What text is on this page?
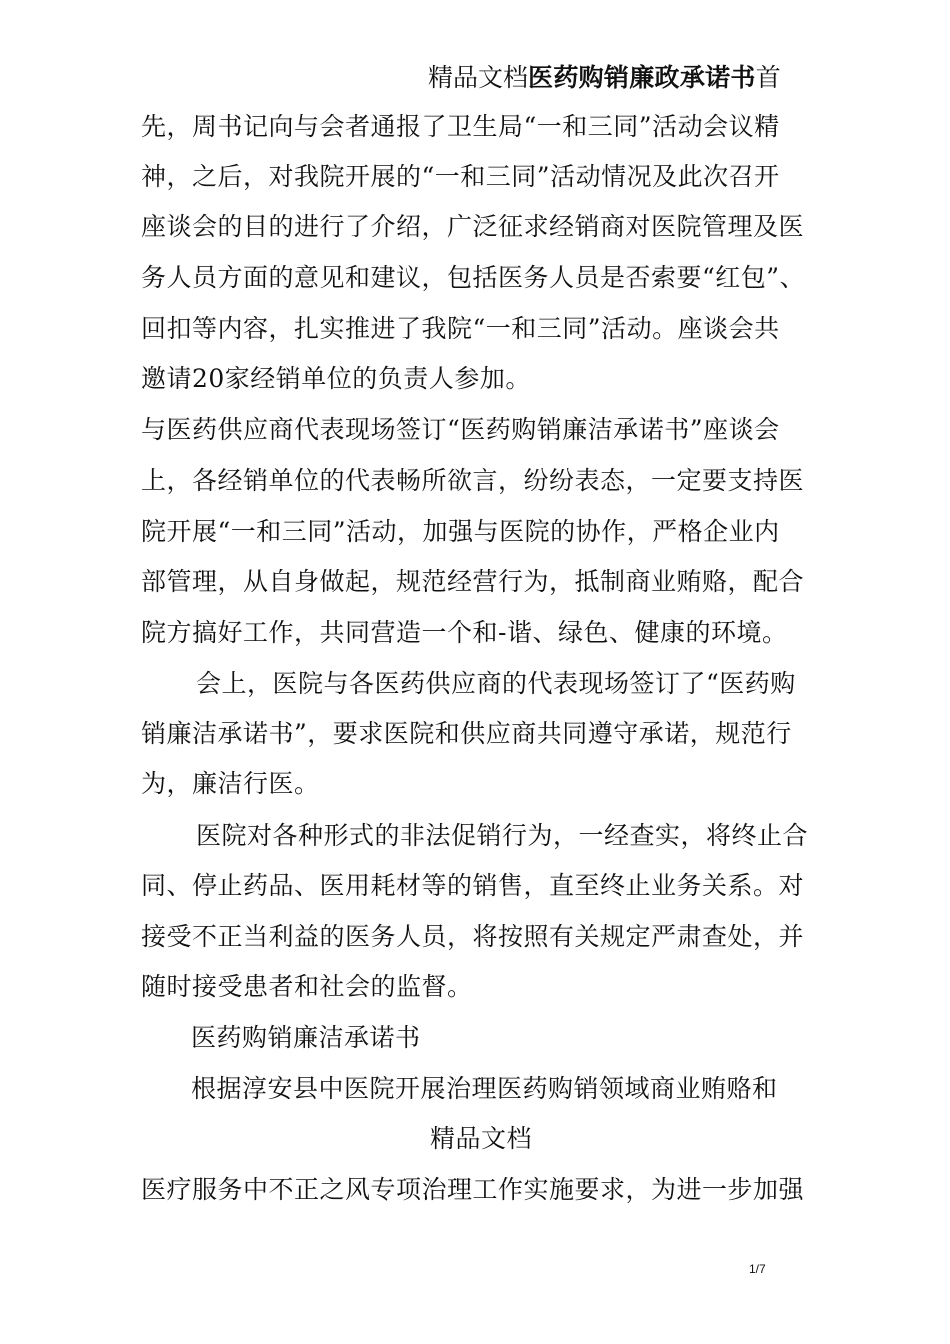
精品文档医药购销廉政承诺书首
先，周书记向与会者通报了卫生局“一和三同”活动会议精
神，之后，对我院开展的“一和三同”活动情况及此次召开
座谈会的目的进行了介绍，广泛征求经销商对医院管理及医
务人员方面的意见和建议，包括医务人员是否索要“红包”、
回扣等内容，扎实推进了我院“一和三同”活动。座谈会共
邀请20家经销单位的负责人参加。
与医药供应商代表现场签订“医药购销廉洁承诺书”座谈会
上，各经销单位的代表畅所欲言，纷纷表态，一定要支持医
院开展“一和三同”活动，加强与医院的协作，严格企业内
部管理，从自身做起，规范经营行为，抵制商业贿赂，配合
院方搞好工作，共同营造一个和-谐、绿色、健康的环境。
会上，医院与各医药供应商的代表现场签订了“医药购
销廉洁承诺书”，要求医院和供应商共同遵守承诺，规范行
为，廉洁行医。
医院对各种形式的非法促销行为，一经查实，将终止合
同、停止药品、医用耗材等的销售，直至终止业务关系。对
接受不正当利益的医务人员，将按照有关规定严肃查处，并
随时接受患者和社会的监督。
医药购销廉洁承诺书
根据淳安县中医院开展治理医药购销领域商业贿赂和
精品文档
医疗服务中不正之风专项治理工作实施要求，为进一步加强
1/7
